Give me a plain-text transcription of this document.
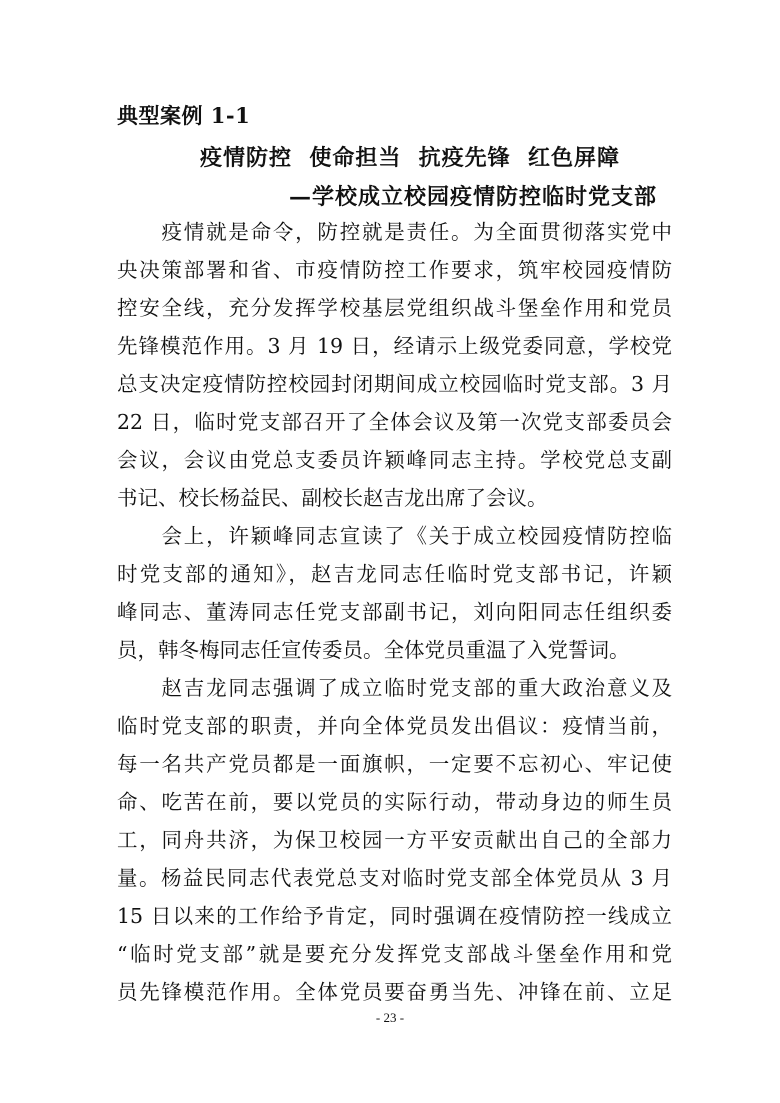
典型案例 1-1
疫情防控  使命担当  抗疫先锋  红色屏障
—学校成立校园疫情防控临时党支部
　　疫情就是命令，防控就是责任。为全面贯彻落实党中
央决策部署和省、市疫情防控工作要求，筑牢校园疫情防
控安全线，充分发挥学校基层党组织战斗堡垒作用和党员
先锋模范作用。3 月 19 日，经请示上级党委同意，学校党
总支决定疫情防控校园封闭期间成立校园临时党支部。3 月
22 日，临时党支部召开了全体会议及第一次党支部委员会
会议，会议由党总支委员许颖峰同志主持。学校党总支副
书记、校长杨益民、副校长赵吉龙出席了会议。
　　会上，许颖峰同志宣读了《关于成立校园疫情防控临
时党支部的通知》，赵吉龙同志任临时党支部书记，许颖
峰同志、董涛同志任党支部副书记，刘向阳同志任组织委
员，韩冬梅同志任宣传委员。全体党员重温了入党誓词。
　　赵吉龙同志强调了成立临时党支部的重大政治意义及
临时党支部的职责，并向全体党员发出倡议：疫情当前，
每一名共产党员都是一面旗帜，一定要不忘初心、牢记使
命、吃苦在前，要以党员的实际行动，带动身边的师生员
工，同舟共济，为保卫校园一方平安贡献出自己的全部力
量。杨益民同志代表党总支对临时党支部全体党员从 3 月
15 日以来的工作给予肯定，同时强调在疫情防控一线成立
“临时党支部”就是要充分发挥党支部战斗堡垒作用和党
员先锋模范作用。全体党员要奋勇当先、冲锋在前、立足
- 23 -
